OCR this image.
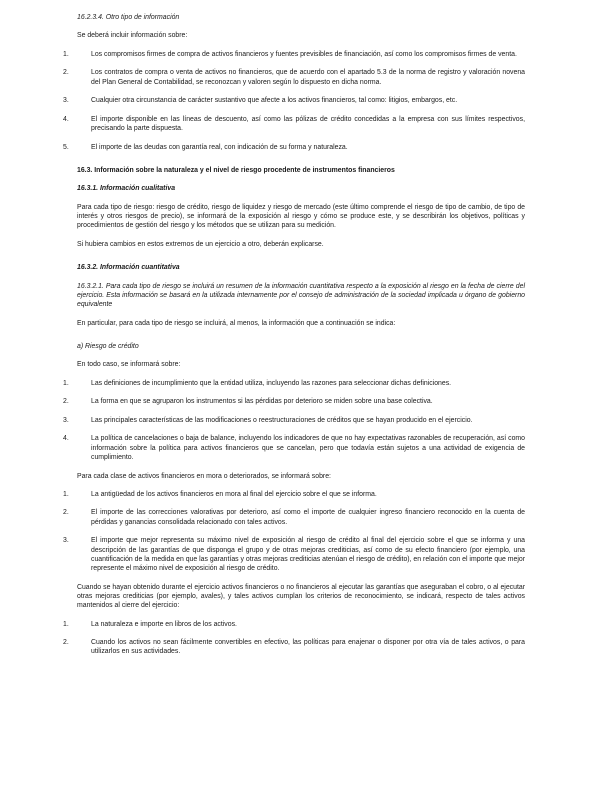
16.2.3.4. Otro tipo de información

Se deberá incluir información sobre:

1.	Los compromisos firmes de compra de activos financieros y fuentes previsibles de financiación, así como los compromisos firmes de venta.

2.	Los contratos de compra o venta de activos no financieros, que de acuerdo con el apartado 5.3 de la norma de registro y valoración novena del Plan General de Contabilidad, se reconozcan y valoren según lo dispuesto en dicha norma.

3.	Cualquier otra circunstancia de carácter sustantivo que afecte a los activos financieros, tal como: litigios, embargos, etc.

4.	El importe disponible en las líneas de descuento, así como las pólizas de crédito concedidas a la empresa con sus límites respectivos, precisando la parte dispuesta.

5.	El importe de las deudas con garantía real, con indicación de su forma y naturaleza.

16.3. Información sobre la naturaleza y el nivel de riesgo procedente de instrumentos financieros

16.3.1. Información cualitativa

Para cada tipo de riesgo: riesgo de crédito, riesgo de liquidez y riesgo de mercado (este último comprende el riesgo de tipo de cambio, de tipo de interés y otros riesgos de precio), se informará de la exposición al riesgo y cómo se produce este, y se describirán los objetivos, políticas y procedimientos de gestión del riesgo y los métodos que se utilizan para su medición.

Si hubiera cambios en estos extremos de un ejercicio a otro, deberán explicarse.

16.3.2. Información cuantitativa

16.3.2.1. Para cada tipo de riesgo se incluirá un resumen de la información cuantitativa respecto a la exposición al riesgo en la fecha de cierre del ejercicio. Esta información se basará en la utilizada internamente por el consejo de administración de la sociedad implicada u órgano de gobierno equivalente

En particular, para cada tipo de riesgo se incluirá, al menos, la información que a continuación se indica:

a) Riesgo de crédito

En todo caso, se informará sobre:

1.	Las definiciones de incumplimiento que la entidad utiliza, incluyendo las razones para seleccionar dichas definiciones.

2.	La forma en que se agruparon los instrumentos si las pérdidas por deterioro se miden sobre una base colectiva.

3.	Las principales características de las modificaciones o reestructuraciones de créditos que se hayan producido en el ejercicio.

4.	La política de cancelaciones o baja de balance, incluyendo los indicadores de que no hay expectativas razonables de recuperación, así como información sobre la política para activos financieros que se cancelan, pero que todavía están sujetos a una actividad de exigencia de cumplimiento.

Para cada clase de activos financieros en mora o deteriorados, se informará sobre:

1.	La antigüedad de los activos financieros en mora al final del ejercicio sobre el que se informa.

2.	El importe de las correcciones valorativas por deterioro, así como el importe de cualquier ingreso financiero reconocido en la cuenta de pérdidas y ganancias consolidada relacionado con tales activos.

3.	El importe que mejor representa su máximo nivel de exposición al riesgo de crédito al final del ejercicio sobre el que se informa y una descripción de las garantías de que disponga el grupo y de otras mejoras crediticias, así como de su efecto financiero (por ejemplo, una cuantificación de la medida en que las garantías y otras mejoras crediticias atenúan el riesgo de crédito), en relación con el importe que mejor represente el máximo nivel de exposición al riesgo de crédito.

Cuando se hayan obtenido durante el ejercicio activos financieros o no financieros al ejecutar las garantías que aseguraban el cobro, o al ejecutar otras mejoras crediticias (por ejemplo, avales), y tales activos cumplan los criterios de reconocimiento, se indicará, respecto de tales activos mantenidos al cierre del ejercicio:

1.	La naturaleza e importe en libros de los activos.

2.	Cuando los activos no sean fácilmente convertibles en efectivo, las políticas para enajenar o disponer por otra vía de tales activos, o para utilizarlos en sus actividades.
